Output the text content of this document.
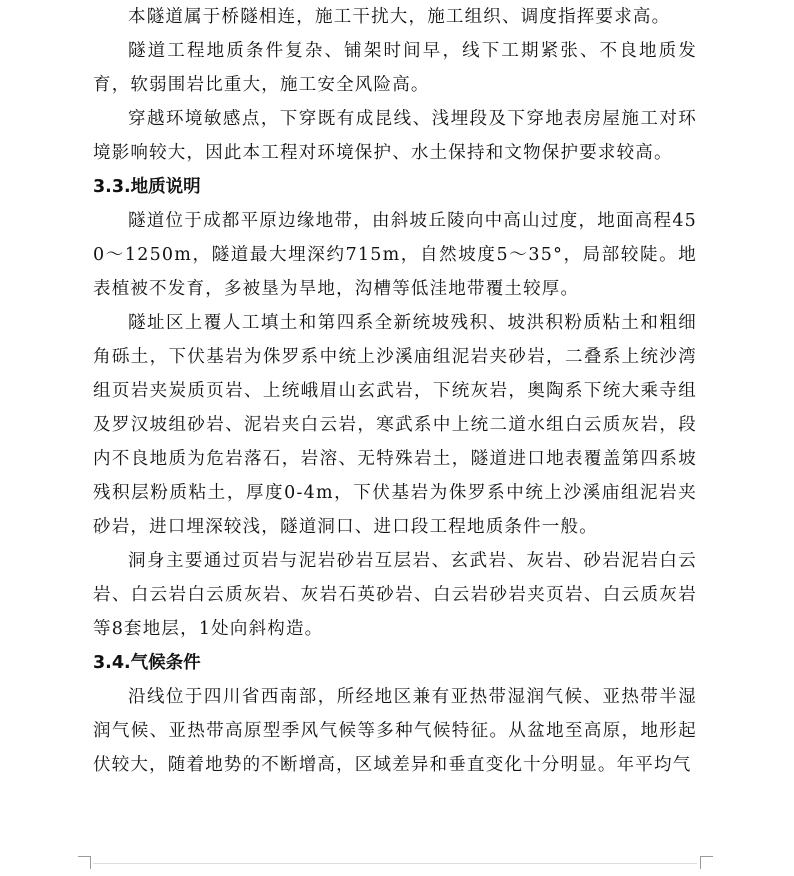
本隧道属于桥隧相连，施工干扰大，施工组织、调度指挥要求高。

隧道工程地质条件复杂、铺架时间早，线下工期紧张、不良地质发育，软弱围岩比重大，施工安全风险高。

穿越环境敏感点，下穿既有成昆线、浅埋段及下穿地表房屋施工对环境影响较大，因此本工程对环境保护、水土保持和文物保护要求较高。

3.3.地质说明

隧道位于成都平原边缘地带，由斜坡丘陵向中高山过度，地面高程450～1250m，隧道最大埋深约715m，自然坡度5～35°，局部较陡。地表植被不发育，多被垦为旱地，沟槽等低洼地带覆土较厚。

隧址区上覆人工填土和第四系全新统坡残积、坡洪积粉质粘土和粗细角砾土，下伏基岩为侏罗系中统上沙溪庙组泥岩夹砂岩，二叠系上统沙湾组页岩夹炭质页岩、上统峨眉山玄武岩，下统灰岩，奥陶系下统大乘寺组及罗汉坡组砂岩、泥岩夹白云岩，寒武系中上统二道水组白云质灰岩，段内不良地质为危岩落石，岩溶、无特殊岩土，隧道进口地表覆盖第四系坡残积层粉质粘土，厚度0-4m，下伏基岩为侏罗系中统上沙溪庙组泥岩夹砂岩，进口埋深较浅，隧道洞口、进口段工程地质条件一般。

洞身主要通过页岩与泥岩砂岩互层岩、玄武岩、灰岩、砂岩泥岩白云岩、白云岩白云质灰岩、灰岩石英砂岩、白云岩砂岩夹页岩、白云质灰岩等8套地层，1处向斜构造。

3.4.气候条件

沿线位于四川省西南部，所经地区兼有亚热带湿润气候、亚热带半湿润气候、亚热带高原型季风气候等多种气候特征。从盆地至高原，地形起伏较大，随着地势的不断增高，区域差异和垂直变化十分明显。年平均气
